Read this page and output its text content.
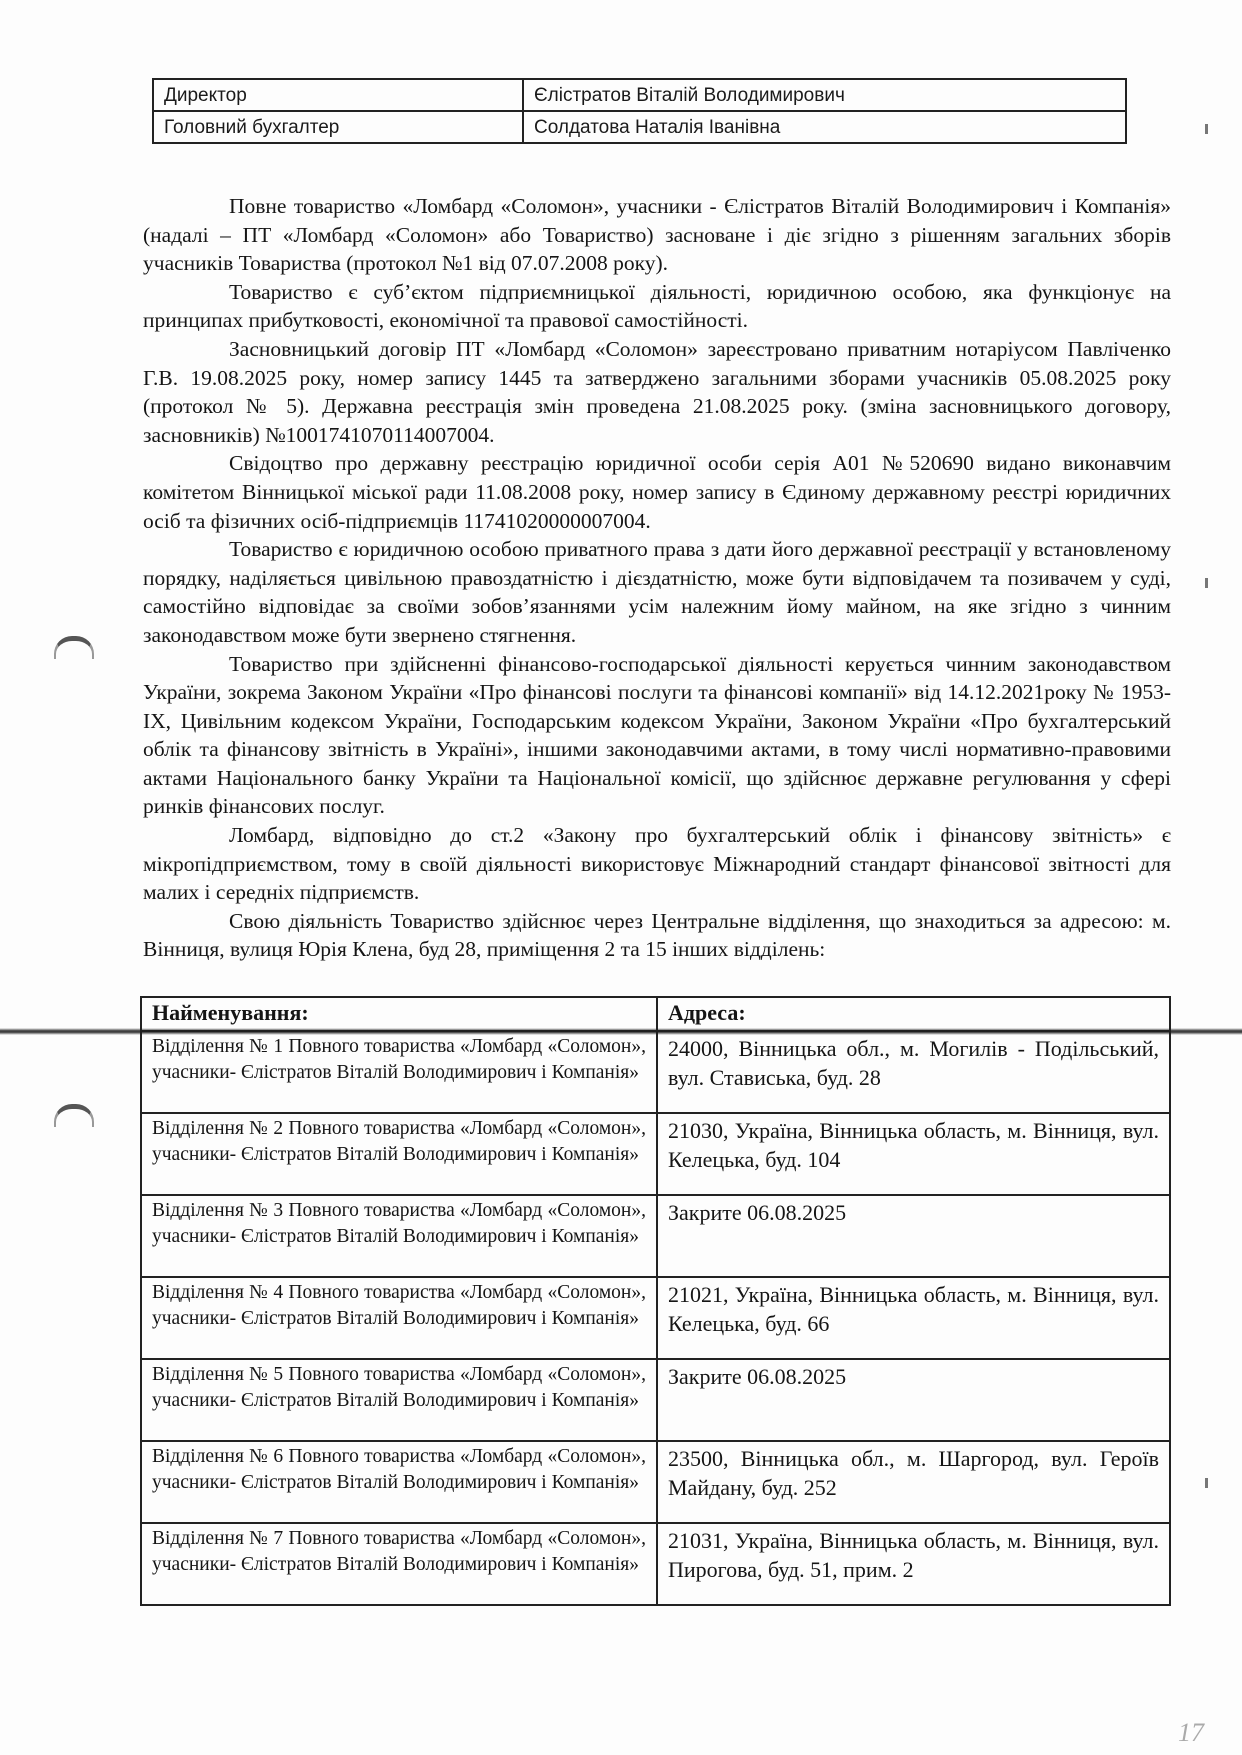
Директор	Єлістратов Віталій Володимирович
Головний бухгалтер	Солдатова Наталія Іванівна

Повне товариство «Ломбард «Соломон», учасники - Єлістратов Віталій Володимирович і Компанія» (надалі – ПТ «Ломбард «Соломон» або Товариство) засноване і діє згідно з рішенням загальних зборів учасників Товариства (протокол №1 від 07.07.2008 року).

Товариство є суб’єктом підприємницької діяльності, юридичною особою, яка функціонує на принципах прибутковості, економічної та правової самостійності.

Засновницький договір ПТ «Ломбард «Соломон» зареєстровано приватним нотаріусом Павліченко Г.В. 19.08.2025 року, номер запису 1445 та затверджено загальними зборами учасників 05.08.2025 року (протокол № 5). Державна реєстрація змін проведена 21.08.2025 року. (зміна засновницького договору, засновників) №1001741070114007004.

Свідоцтво про державну реєстрацію юридичної особи серія А01 №520690 видано виконавчим комітетом Вінницької міської ради 11.08.2008 року, номер запису в Єдиному державному реєстрі юридичних осіб та фізичних осіб-підприємців 11741020000007004.

Товариство є юридичною особою приватного права з дати його державної реєстрації у встановленому порядку, наділяється цивільною правоздатністю і дієздатністю, може бути відповідачем та позивачем у суді, самостійно відповідає за своїми зобов’язаннями усім належним йому майном, на яке згідно з чинним законодавством може бути звернено стягнення.

Товариство при здійсненні фінансово-господарської діяльності керується чинним законодавством України, зокрема Законом України «Про фінансові послуги та фінансові компанії» від 14.12.2021року № 1953-IX, Цивільним кодексом України, Господарським кодексом України, Законом України «Про бухгалтерський облік та фінансову звітність в Україні», іншими законодавчими актами, в тому числі нормативно-правовими актами Національного банку України та Національної комісії, що здійснює державне регулювання у сфері ринків фінансових послуг.

Ломбард, відповідно до ст.2 «Закону про бухгалтерський облік і фінансову звітність» є мікропідприємством, тому в своїй діяльності використовує Міжнародний стандарт фінансової звітності для малих і середніх підприємств.

Свою діяльність Товариство здійснює через Центральне відділення, що знаходиться за адресою: м. Вінниця, вулиця Юрія Клена, буд 28, приміщення 2 та 15 інших відділень:

Найменування:	Адреса:
Відділення № 1 Повного товариства «Ломбард «Соломон», учасники- Єлістратов Віталій Володимирович і Компанія»	24000, Вінницька обл., м. Могилів - Подільський, вул. Стависька, буд. 28
Відділення № 2 Повного товариства «Ломбард «Соломон», учасники- Єлістратов Віталій Володимирович і Компанія»	21030, Україна, Вінницька область, м. Вінниця, вул. Келецька, буд. 104
Відділення № 3 Повного товариства «Ломбард «Соломон», учасники- Єлістратов Віталій Володимирович і Компанія»	Закрите 06.08.2025
Відділення № 4 Повного товариства «Ломбард «Соломон», учасники- Єлістратов Віталій Володимирович і Компанія»	21021, Україна, Вінницька область, м. Вінниця, вул. Келецька, буд. 66
Відділення № 5 Повного товариства «Ломбард «Соломон», учасники- Єлістратов Віталій Володимирович і Компанія»	Закрите 06.08.2025
Відділення № 6 Повного товариства «Ломбард «Соломон», учасники- Єлістратов Віталій Володимирович і Компанія»	23500, Вінницька обл., м. Шаргород, вул. Героїв Майдану, буд. 252
Відділення № 7 Повного товариства «Ломбард «Соломон», учасники- Єлістратов Віталій Володимирович і Компанія»	21031, Україна, Вінницька область, м. Вінниця, вул. Пирогова, буд. 51, прим. 2
17
